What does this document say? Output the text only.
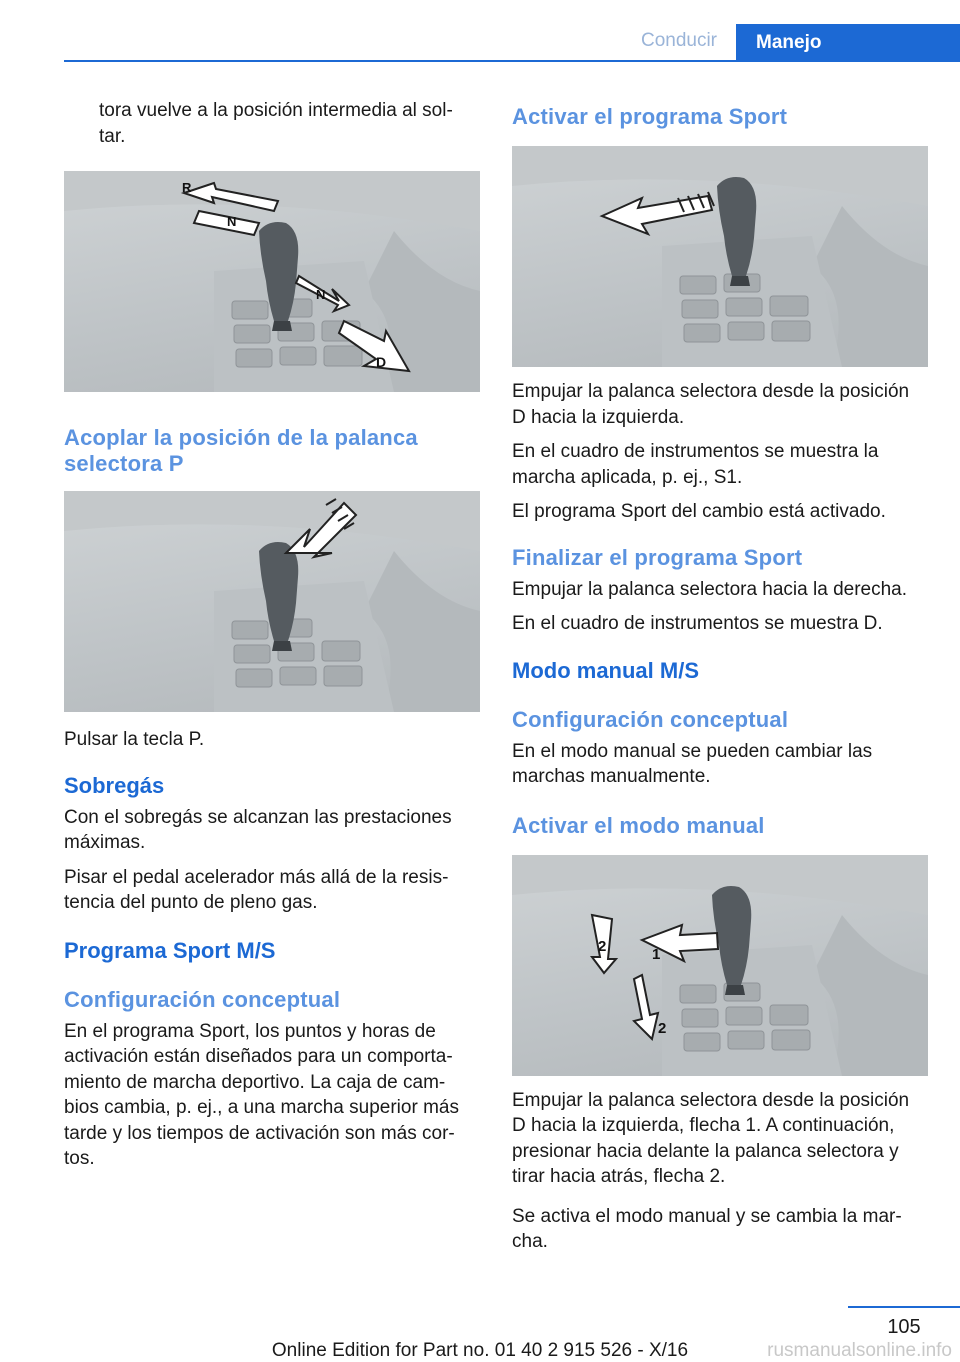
Conducir	Manejo

tora vuelve a la posición intermedia al sol- tar.

R
N
N
D
Acoplar la posición de la palanca selectora P

Pulsar la tecla P.

Sobregás

Con el sobregás se alcanzan las prestaciones máximas.

Pisar el pedal acelerador más allá de la resis- tencia del punto de pleno gas.

Programa Sport M/S
Configuración conceptual

En el programa Sport, los puntos y horas de activación están diseñados para un comporta- miento de marcha deportivo. La caja de cam- bios cambia, p. ej., a una marcha superior más tarde y los tiempos de activación son más cor- tos.

Activar el programa Sport

Empujar la palanca selectora desde la posición D hacia la izquierda.

En el cuadro de instrumentos se muestra la marcha aplicada, p. ej., S1.

El programa Sport del cambio está activado.

Finalizar el programa Sport

Empujar la palanca selectora hacia la derecha.

En el cuadro de instrumentos se muestra D.

Modo manual M/S
Configuración conceptual

En el modo manual se pueden cambiar las marchas manualmente.

Activar el modo manual
1
2
2

Empujar la palanca selectora desde la posición D hacia la izquierda, flecha 1. A continuación, presionar hacia delante la palanca selectora y tirar hacia atrás, flecha 2.

Se activa el modo manual y se cambia la mar- cha.

105
Online Edition for Part no. 01 40 2 915 526 - X/16	rusmanualsonline.info
